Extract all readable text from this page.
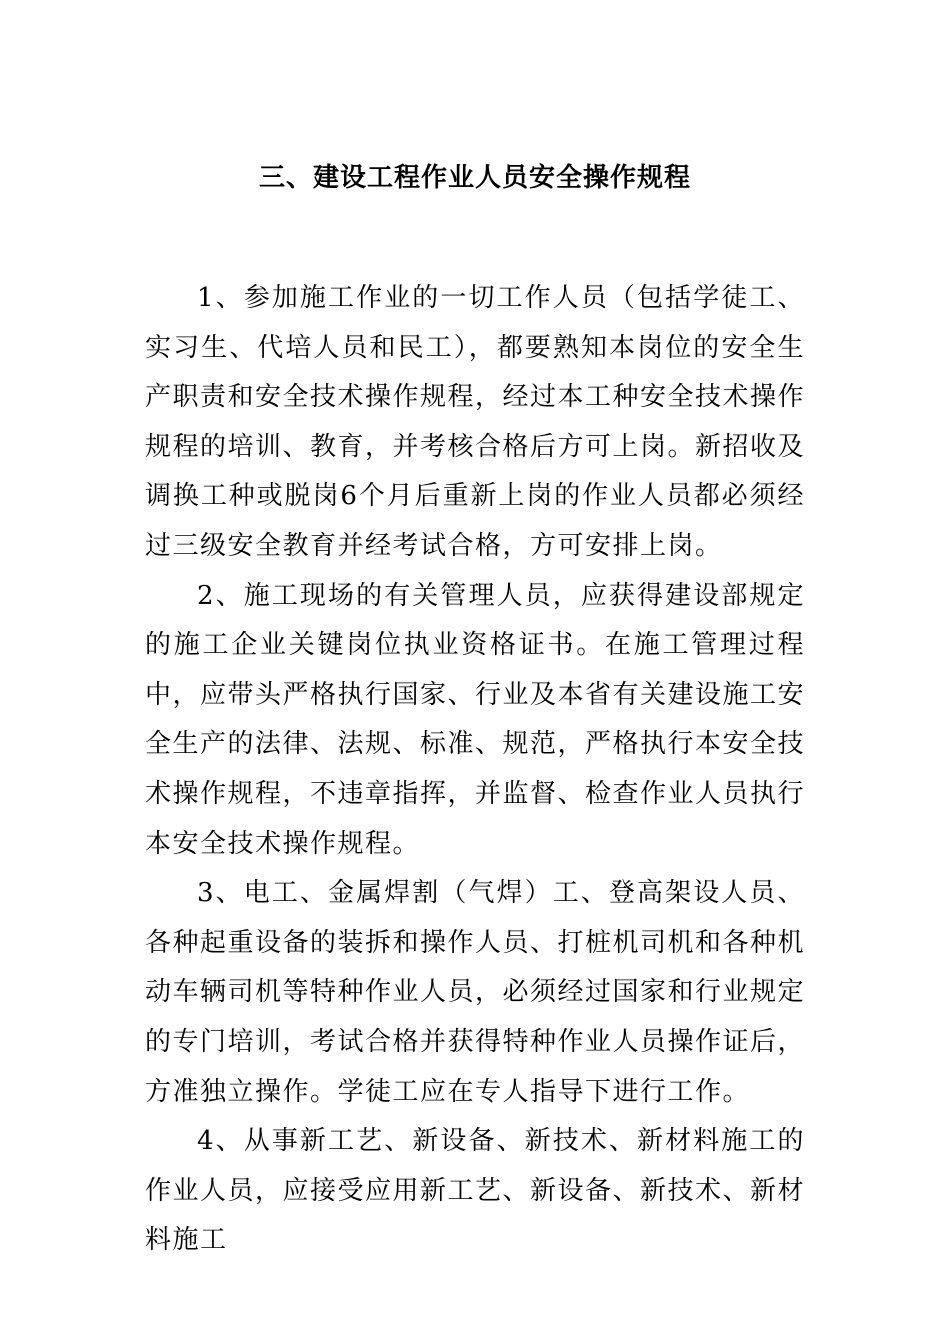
三、建设工程作业人员安全操作规程

1、参加施工作业的一切工作人员（包括学徒工、实习生、代培人员和民工），都要熟知本岗位的安全生产职责和安全技术操作规程，经过本工种安全技术操作规程的培训、教育，并考核合格后方可上岗。新招收及调换工种或脱岗6个月后重新上岗的作业人员都必须经过三级安全教育并经考试合格，方可安排上岗。

2、施工现场的有关管理人员，应获得建设部规定的施工企业关键岗位执业资格证书。在施工管理过程中，应带头严格执行国家、行业及本省有关建设施工安全生产的法律、法规、标准、规范，严格执行本安全技术操作规程，不违章指挥，并监督、检查作业人员执行本安全技术操作规程。

3、电工、金属焊割（气焊）工、登高架设人员、各种起重设备的装拆和操作人员、打桩机司机和各种机动车辆司机等特种作业人员，必须经过国家和行业规定的专门培训，考试合格并获得特种作业人员操作证后，方准独立操作。学徒工应在专人指导下进行工作。

4、从事新工艺、新设备、新技术、新材料施工的作业人员，应接受应用新工艺、新设备、新技术、新材料施工
